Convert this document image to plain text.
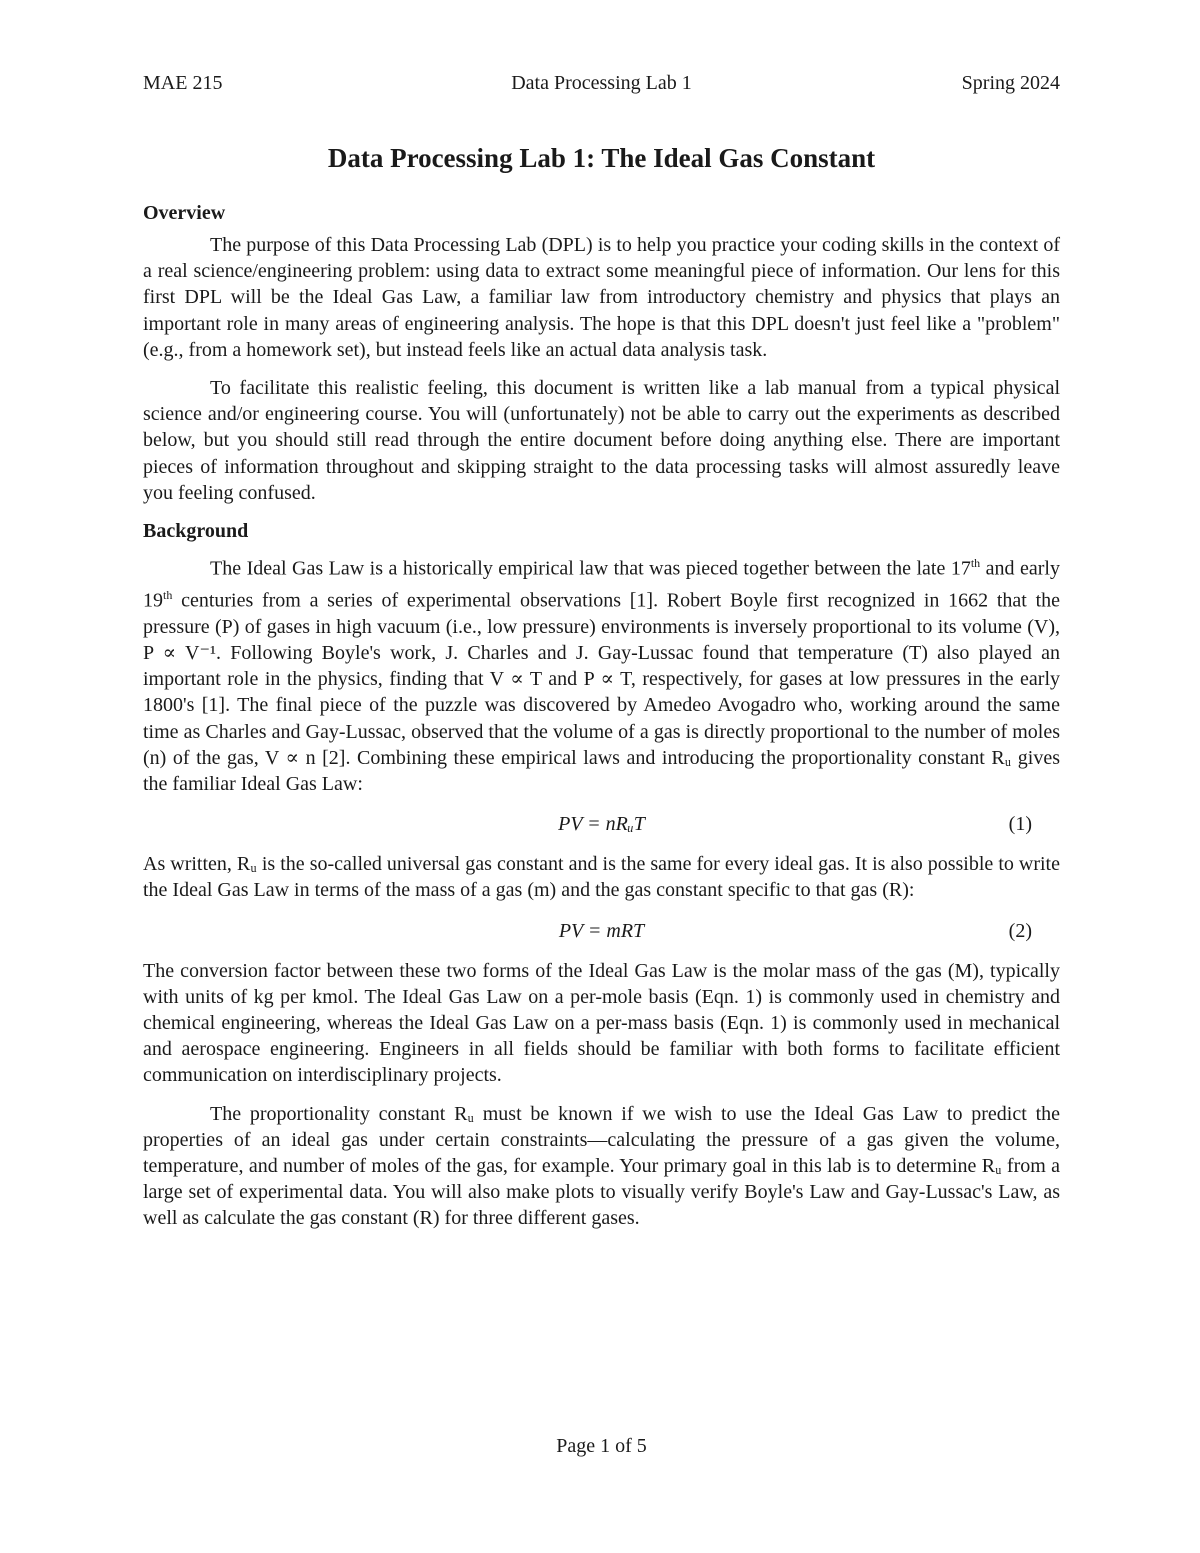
MAE 215	Data Processing Lab 1	Spring 2024
Data Processing Lab 1: The Ideal Gas Constant
Overview

The purpose of this Data Processing Lab (DPL) is to help you practice your coding skills in the context of a real science/engineering problem: using data to extract some meaningful piece of information. Our lens for this first DPL will be the Ideal Gas Law, a familiar law from introductory chemistry and physics that plays an important role in many areas of engineering analysis. The hope is that this DPL doesn't just feel like a "problem" (e.g., from a homework set), but instead feels like an actual data analysis task.

To facilitate this realistic feeling, this document is written like a lab manual from a typical physical science and/or engineering course. You will (unfortunately) not be able to carry out the experiments as described below, but you should still read through the entire document before doing anything else. There are important pieces of information throughout and skipping straight to the data processing tasks will almost assuredly leave you feeling confused.

Background

The Ideal Gas Law is a historically empirical law that was pieced together between the late 17th and early 19th centuries from a series of experimental observations [1]. Robert Boyle first recognized in 1662 that the pressure (P) of gases in high vacuum (i.e., low pressure) environments is inversely proportional to its volume (V), P ∝ V⁻¹. Following Boyle's work, J. Charles and J. Gay-Lussac found that temperature (T) also played an important role in the physics, finding that V ∝ T and P ∝ T, respectively, for gases at low pressures in the early 1800's [1]. The final piece of the puzzle was discovered by Amedeo Avogadro who, working around the same time as Charles and Gay-Lussac, observed that the volume of a gas is directly proportional to the number of moles (n) of the gas, V ∝ n [2]. Combining these empirical laws and introducing the proportionality constant Rᵤ gives the familiar Ideal Gas Law:

PV = nRᵤT	(1)

As written, Rᵤ is the so-called universal gas constant and is the same for every ideal gas. It is also possible to write the Ideal Gas Law in terms of the mass of a gas (m) and the gas constant specific to that gas (R):

PV = mRT	(2)

The conversion factor between these two forms of the Ideal Gas Law is the molar mass of the gas (M), typically with units of kg per kmol. The Ideal Gas Law on a per-mole basis (Eqn. 1) is commonly used in chemistry and chemical engineering, whereas the Ideal Gas Law on a per-mass basis (Eqn. 1) is commonly used in mechanical and aerospace engineering. Engineers in all fields should be familiar with both forms to facilitate efficient communication on interdisciplinary projects.

The proportionality constant Rᵤ must be known if we wish to use the Ideal Gas Law to predict the properties of an ideal gas under certain constraints—calculating the pressure of a gas given the volume, temperature, and number of moles of the gas, for example. Your primary goal in this lab is to determine Rᵤ from a large set of experimental data. You will also make plots to visually verify Boyle's Law and Gay-Lussac's Law, as well as calculate the gas constant (R) for three different gases.

Page 1 of 5
